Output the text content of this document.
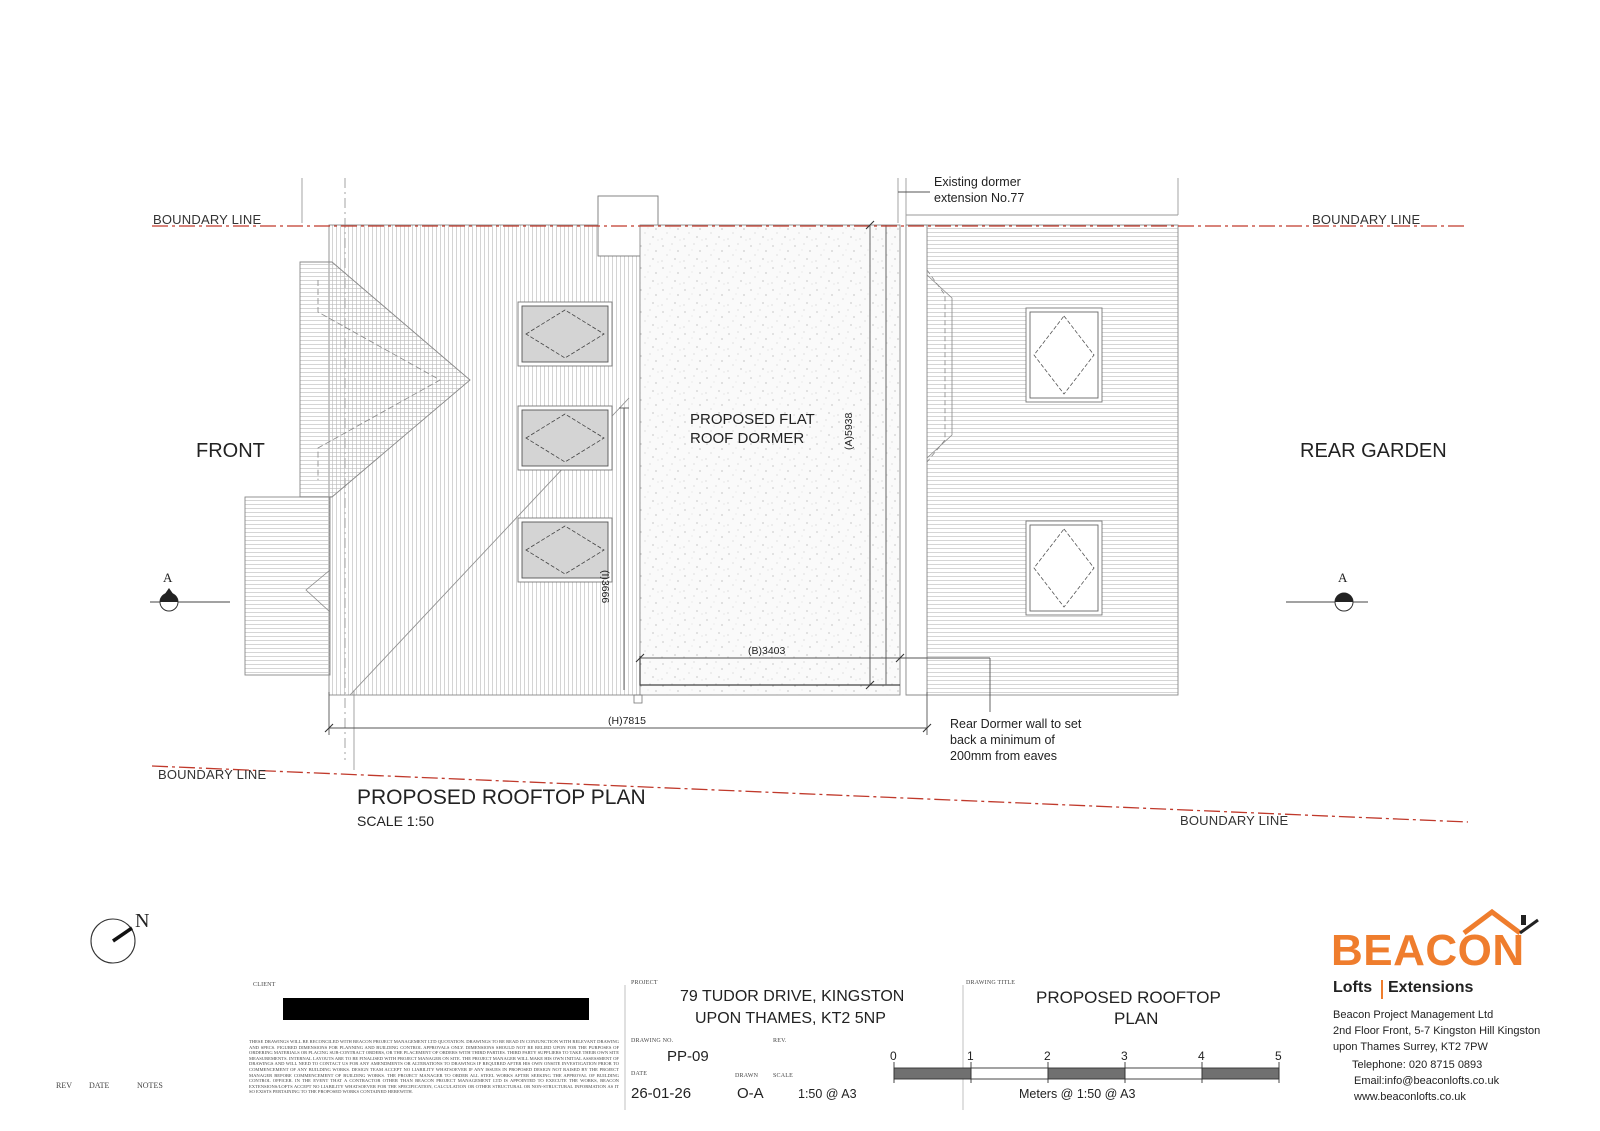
BOUNDARY LINE	BOUNDARY LINE
BOUNDARY LINE
BOUNDARY LINE
FRONT	REAR GARDEN
PROPOSED FLAT
ROOF DORMER
Existing dormer
extension No.77
Rear Dormer wall to set
back a minimum of
200mm from eaves
(A)5938
(B)3403
(H)7815
(I)3666
A	A
PROPOSED ROOFTOP PLAN
SCALE 1:50
N
REV DATE	NOTES
CLIENT
THESE DRAWINGS WILL BE RECONCILED WITH BEACON PROJECT MANAGEMENT LTD QUOTATION. DRAWINGS TO BE READ IN CONJUNCTION WITH RELEVANT DRAWING AND SPECS. FIGURED DIMENSIONS FOR PLANNING AND BUILDING CONTROL APPROVALS ONLY. DIMENSIONS SHOULD NOT BE RELIED UPON FOR THE PURPOSES OF ORDERING MATERIALS OR PLACING SUB-CONTRACT ORDERS, OR THE PLACEMENT OF ORDERS WITH THIRD PARTIES. THIRD PARTY SUPPLIERS TO TAKE THEIR OWN SITE MEASUREMENTS. INTERNAL LAYOUTS ARE TO BE FINALISED WITH PROJECT MANAGER ON SITE. THE PROJECT MANAGER WILL MAKE HIS OWN INITIAL ASSESSMENT OF DRAWINGS AND WILL NEED TO CONTACT US FOR ANY AMENDMENTS OR ALTERATIONS TO DRAWINGS IF REQUIRED AFTER HIS OWN ONSITE INVESTIGATION PRIOR TO COMMENCEMENT OF ANY BUILDING WORKS. DESIGN TEAM ACCEPT NO LIABILITY WHATSOEVER IF ANY ISSUES IN PROPOSED DESIGN NOT RAISED BY THE PROJECT MANAGER BEFORE COMMENCEMENT OF BUILDING WORKS. THE PROJECT MANAGER TO ORDER ALL STEEL WORKS AFTER SEEKING THE APPROVAL OF BUILDING CONTROL OFFICER. IN THE EVENT THAT A CONTRACTOR OTHER THAN BEACON PROJECT MANAGEMENT LTD IS APPOINTED TO EXECUTE THE WORKS, BEACON EXTENSIONS/LOFTS ACCEPT NO LIABILITY WHATSOEVER FOR THE SPECIFICATION, CALCULATION OR OTHER STRUCTURAL OR NON-STRUCTURAL INFORMATION AS IT SO EXISTS PERTAINING TO THE PROPOSED WORKS CONTAINED HEREWITH.
PROJECT
79 TUDOR DRIVE, KINGSTON
UPON THAMES, KT2 5NP
DRAWING NO.
PP-09
REV.
DATE
26-01-26
DRAWN
O-A
SCALE
1:50 @ A3
DRAWING TITLE
PROPOSED ROOFTOP
PLAN
0	1	2	3	4	5
Meters @ 1:50 @ A3
BEACON
Lofts Extensions
Beacon Project Management Ltd
2nd Floor Front, 5-7 Kingston Hill Kingston
upon Thames Surrey, KT2 7PW
Telephone: 020 8715 0893
Email:info@beaconlofts.co.uk
www.beaconlofts.co.uk
